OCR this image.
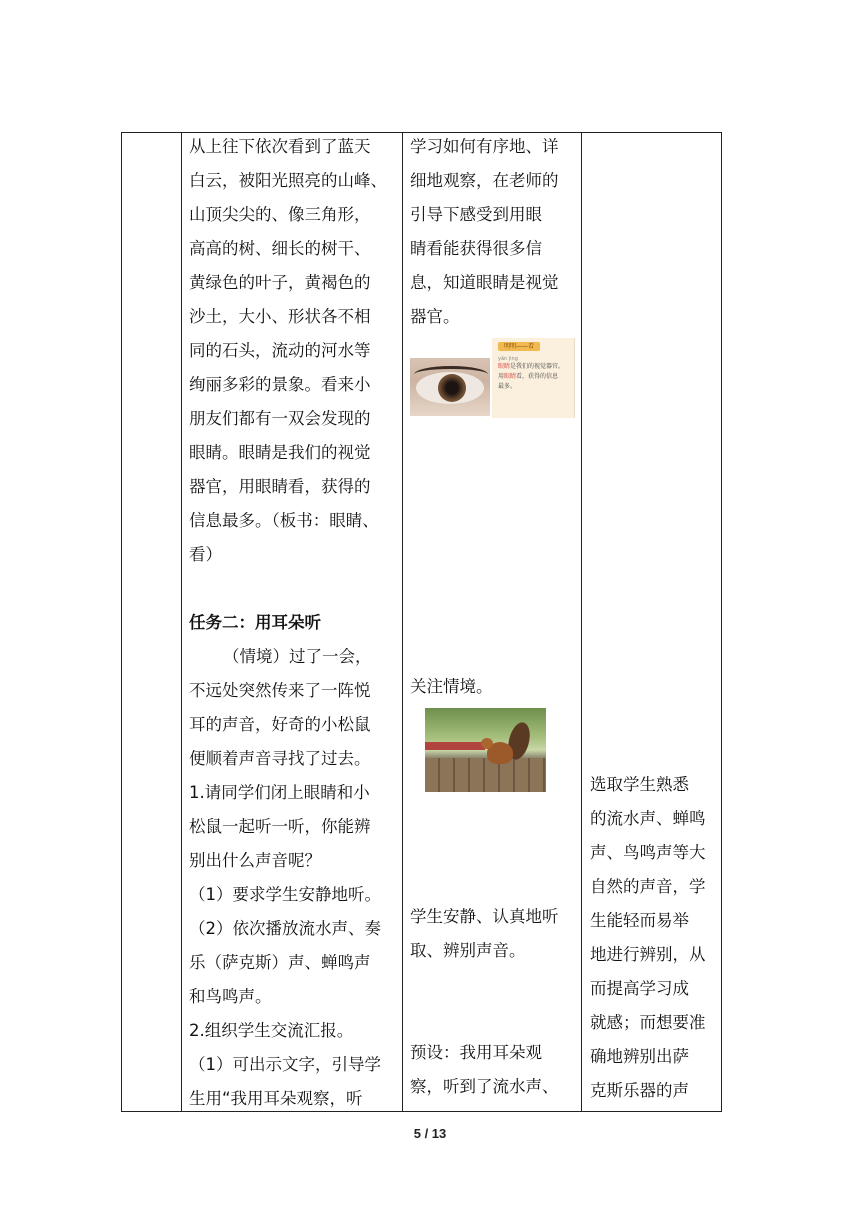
从上往下依次看到了蓝天

白云，被阳光照亮的山峰、

山顶尖尖的、像三角形，

高高的树、细长的树干、

黄绿色的叶子，黄褐色的

沙土，大小、形状各不相

同的石头，流动的河水等

绚丽多彩的景象。看来小

朋友们都有一双会发现的

眼睛。眼睛是我们的视觉

器官，用眼睛看，获得的

信息最多。（板书：眼睛、

看）

任务二：用耳朵听

（情境）过了一会，

不远处突然传来了一阵悦

耳的声音，好奇的小松鼠

便顺着声音寻找了过去。

1.请同学们闭上眼睛和小

松鼠一起听一听，你能辨

别出什么声音呢？

（1）要求学生安静地听。

（2）依次播放流水声、奏

乐（萨克斯）声、蝉鸣声

和鸟鸣声。

2.组织学生交流汇报。

（1）可出示文字，引导学

生用“我用耳朵观察，听

学习如何有序地、详

细地观察，在老师的

引导下感受到用眼

睛看能获得很多信

息，知道眼睛是视觉

器官。

明明——看
yǎn jing
眼睛是我们的视觉器官。
用眼睛看，获得的信息
最多。

关注情境。

学生安静、认真地听

取、辨别声音。

预设：我用耳朵观

察，听到了流水声、

选取学生熟悉

的流水声、蝉鸣

声、鸟鸣声等大

自然的声音，学

生能轻而易举

地进行辨别，从

而提高学习成

就感；而想要准

确地辨别出萨

克斯乐器的声

5 / 13
